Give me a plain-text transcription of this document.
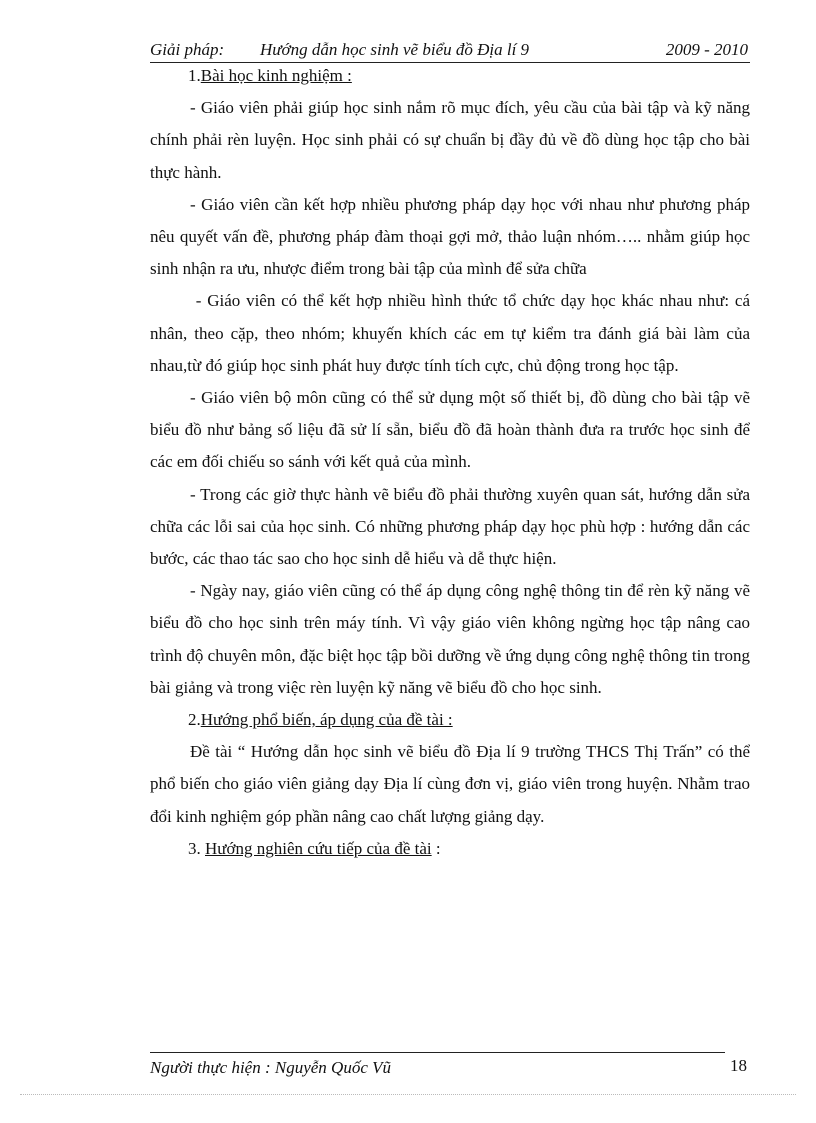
Giải pháp: Hướng dẫn học sinh vẽ biểu đồ Địa lí 9	2009 - 2010

1.Bài học kinh nghiệm :

- Giáo viên phải giúp học sinh nắm rõ mục đích, yêu cầu của bài tập và kỹ năng chính phải rèn luyện. Học sinh phải có sự chuẩn bị đầy đủ về đồ dùng học tập cho bài thực hành.

- Giáo viên cần kết hợp nhiều phương pháp dạy học với nhau như phương pháp nêu quyết vấn đề, phương pháp đàm thoại gợi mở, thảo luận nhóm….. nhằm giúp học sinh nhận ra ưu, nhược điểm trong bài tập của mình để sửa chữa

- Giáo viên có thể kết hợp nhiều hình thức tổ chức dạy học khác nhau như: cá nhân, theo cặp, theo nhóm; khuyến khích các em tự kiểm tra đánh giá bài làm của nhau,từ đó giúp học sinh phát huy được tính tích cực, chủ động trong học tập.

- Giáo viên bộ môn cũng có thể sử dụng một số thiết bị, đồ dùng cho bài tập vẽ biểu đồ như bảng số liệu đã sử lí sẵn, biểu đồ đã hoàn thành đưa ra trước học sinh để các em đối chiếu so sánh với kết quả của mình.

- Trong các giờ thực hành vẽ biểu đồ phải thường xuyên quan sát, hướng dẫn sửa chữa các lỗi sai của học sinh. Có những phương pháp dạy học phù hợp : hướng dẫn các bước, các thao tác sao cho học sinh dễ hiểu và dễ thực hiện.

- Ngày nay, giáo viên cũng có thể áp dụng công nghệ thông tin để rèn kỹ năng vẽ biểu đồ cho học sinh trên máy tính. Vì vậy giáo viên không ngừng học tập nâng cao trình độ chuyên môn, đặc biệt học tập bồi dưỡng về ứng dụng công nghệ thông tin trong bài giảng và trong việc rèn luyện kỹ năng vẽ biểu đồ cho học sinh.

2.Hướng phổ biến, áp dụng của đề tài :

Đề tài “ Hướng dẫn học sinh vẽ biểu đồ Địa lí 9 trường THCS Thị Trấn” có thể phổ biến cho giáo viên giảng dạy Địa lí cùng đơn vị, giáo viên trong huyện. Nhằm trao đổi kinh nghiệm góp phần nâng cao chất lượng giảng dạy.

3. Hướng nghiên cứu tiếp của đề tài :

Người thực hiện : Nguyễn Quốc Vũ	18
